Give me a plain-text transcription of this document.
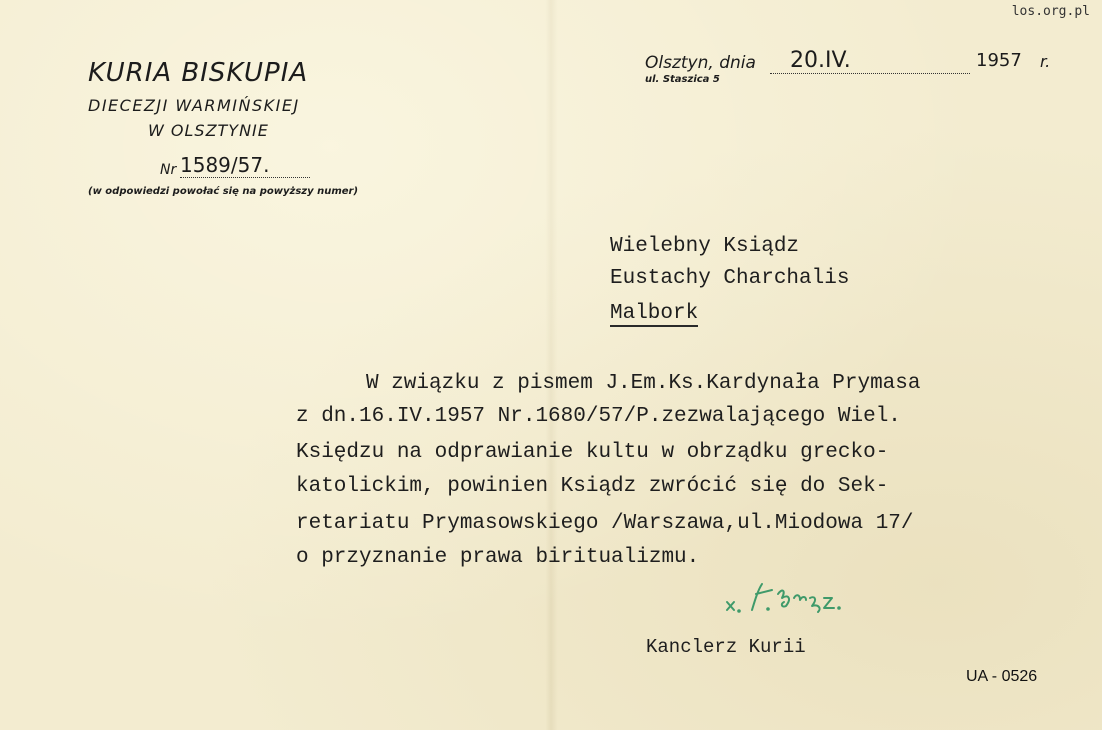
los.org.pl
KURIA BISKUPIA
DIECEZJI WARMIŃSKIEJ
W OLSZTYNIE
Nr 1589/57.
(w odpowiedzi powołać się na powyższy numer)
Olsztyn, dnia	20.IV.	1957 r.
ul. Staszica 5
Wielebny Ksiądz
Eustachy Charchalis
Malbork
W związku z pismem J.Em.Ks.Kardynała Prymasa
z dn.16.IV.1957 Nr.1680/57/P.zezwalającego Wiel.
Księdzu na odprawianie kultu w obrządku grecko-
katolickim, powinien Ksiądz zwrócić się do Sek-
retariatu Prymasowskiego /Warszawa,ul.Miodowa 17/
o przyznanie prawa biritualizmu.
Kanclerz Kurii
UA - 0526
